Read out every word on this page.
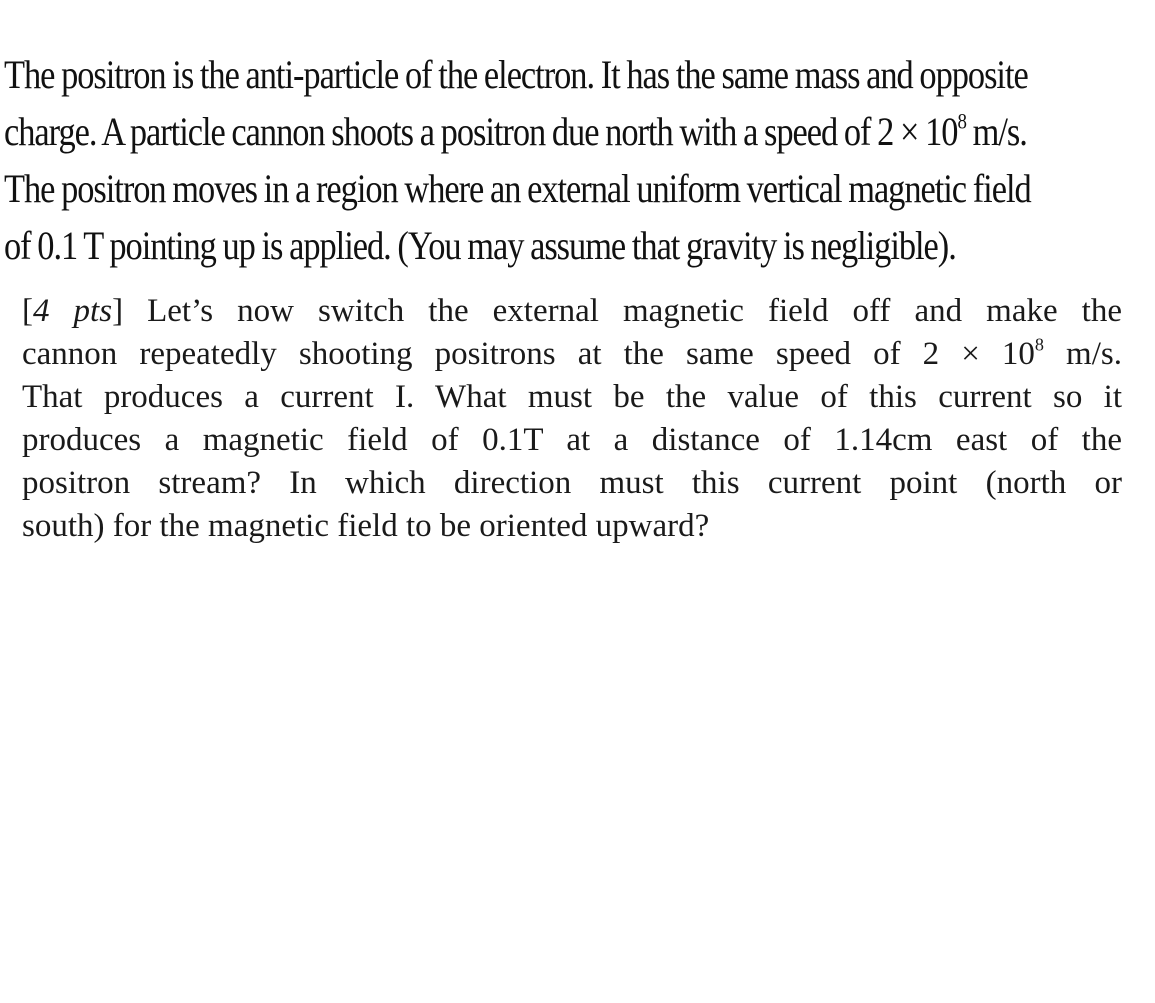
The positron is the anti-particle of the electron. It has the same mass and opposite
charge. A particle cannon shoots a positron due north with a speed of $2 \times 10^8$ m/s.
The positron moves in a region where an external uniform vertical magnetic field
of 0.1 T pointing up is applied. (You may assume that gravity is negligible).
[4 pts] Let’s now switch the external magnetic field off and make the
cannon repeatedly shooting positrons at the same speed of $2 \times 10^8$ m/s.
That produces a current I. What must be the value of this current so it
produces a magnetic field of 0.1T at a distance of 1.14cm east of the
positron stream? In which direction must this current point (north or
south) for the magnetic field to be oriented upward?
